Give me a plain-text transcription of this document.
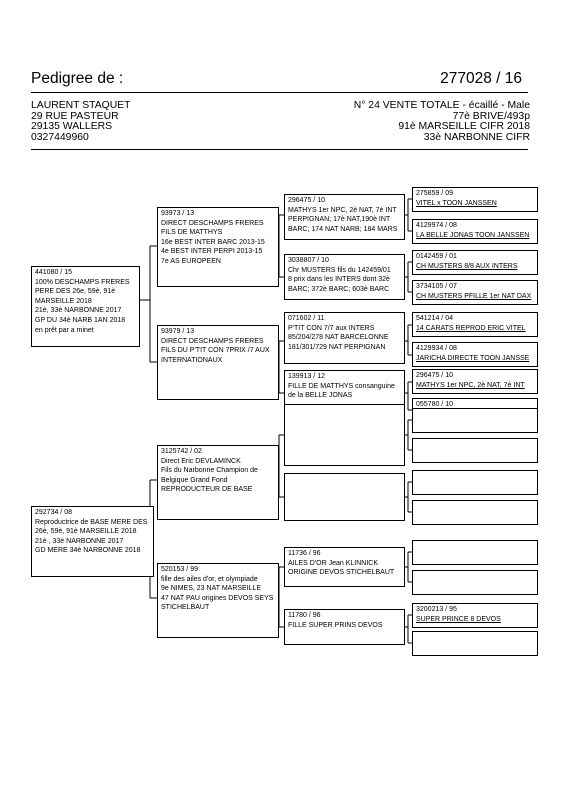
Pedigree de :	277028 / 16
LAURENT STAQUET
29 RUE PASTEUR
29135 WALLERS
0327449960
N° 24 VENTE TOTALE - écaillé - Male
77è BRIVE/493p
91è MARSEILLE CIFR 2018
33è NARBONNE CIFR
441080 / 15
100% DESCHAMPS FRERES
PERE DES 26e, 59è, 91è
MARSEILLE 2018
21è, 33è NARBONNE 2017
GP DU 34è NARB 1AN 2018
en prêt par a minet
292734 / 08
Reproductrice de BASE MERE DES
26è, 59è, 91è MARSEILLE 2018
21è , 33è NARBONNE 2017
GD MERE 34è NARBONNE 2018
93973 / 13
DIRECT DESCHAMPS FRERES
FILS DE MATTHYS
16e BEST INTER BARC 2013-15
4e BEST INTER PERPI 2013-15
7e AS EUROPEEN
93979 / 13
DIRECT DESCHAMPS FRERES
FILS DU P'TIT CON 7PRIX /7 AUX
INTERNATIONAUX
3125742 / 02
Direct Eric DEVLAMINCK
Fils du Narbonne Champion de
Belgique Grand Fond
REPRODUCTEUR DE BASE
520153 / 99
fille des ailes d'or, et olympiade
9e NIMES, 23 NAT MARSEILLE
47 NAT PAU origines DEVOS SEYS
STICHELBAUT
296475 / 10
MATHYS 1er NPC, 2è NAT, 7è INT
PERPIGNAN; 17è NAT,190è INT
BARC; 174 NAT NARB; 184 MARS
3038807 / 10
Chr MUSTERS fils du 142459/01
8 prix dans les INTERS dont 32è
BARC; 372è BARC; 603è BARC
071602 / 11
P'TIT CON 7/7 aux INTERS
85/204/278 NAT BARCELONNE
181/301/729 NAT PERPIGNAN
139913 / 12
FILLE DE MATTHYS consanguine
de la BELLE JONAS
11736 / 96
AILES D'OR Jean KLINNICK
ORIGINE DEVOS STICHELBAUT
11780 / 96
FILLE SUPER PRINS DEVOS
275859 / 09
VITEL x TOON JANSSEN
4129974 / 08
LA BELLE JONAS TOON JANSSEN
0142459 / 01
CH MUSTERS 8/8 AUX INTERS
3734105 / 07
CH MUSTERS PFILLE 1er NAT DAX
541214 / 04
14 CARATS REPROD ERIC VITEL
4129934 / 08
JARICHA DIRECTE TOON JANSSE
296475 / 10
MATHYS 1er NPC, 2è NAT, 7è INT
055780 / 10
3200213 / 95
SUPER PRINCE 8 DEVOS
